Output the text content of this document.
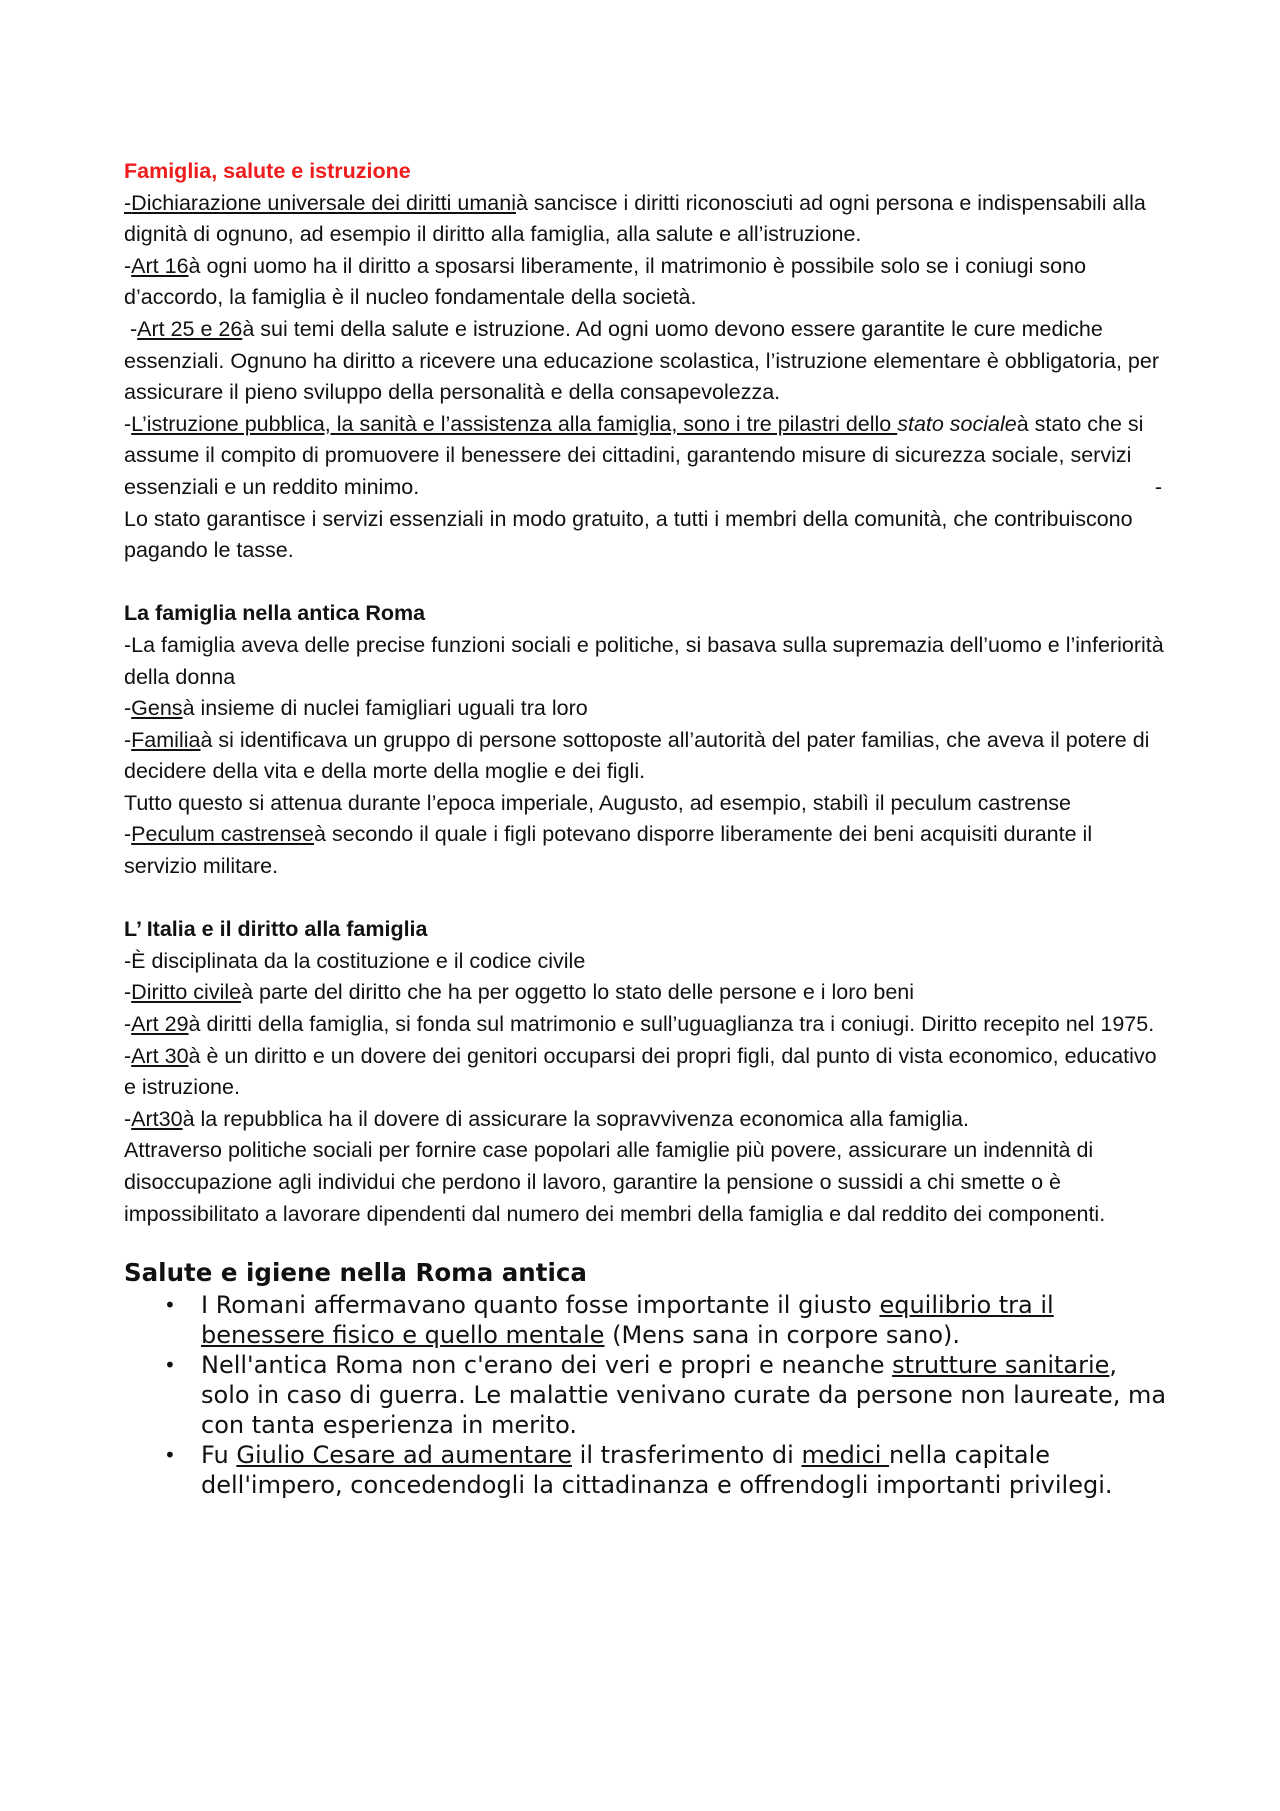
Famiglia, salute e istruzione

-Dichiarazione universale dei diritti umanià sancisce i diritti riconosciuti ad ogni persona e indispensabili alla dignità di ognuno, ad esempio il diritto alla famiglia, alla salute e all’istruzione.

-Art 16à ogni uomo ha il diritto a sposarsi liberamente, il matrimonio è possibile solo se i coniugi sono d’accordo, la famiglia è il nucleo fondamentale della società.

-Art 25 e 26à sui temi della salute e istruzione. Ad ogni uomo devono essere garantite le cure mediche essenziali. Ognuno ha diritto a ricevere una educazione scolastica, l’istruzione elementare è obbligatoria, per assicurare il pieno sviluppo della personalità e della consapevolezza.

-L’istruzione pubblica, la sanità e l’assistenza alla famiglia, sono i tre pilastri dello stato socialeà stato che si assume il compito di promuovere il benessere dei cittadini, garantendo misure di sicurezza sociale, servizi essenziali e un reddito minimo.	-

Lo stato garantisce i servizi essenziali in modo gratuito, a tutti i membri della comunità, che contribuiscono pagando le tasse.

La famiglia nella antica Roma

-La famiglia aveva delle precise funzioni sociali e politiche, si basava sulla supremazia dell’uomo e l’inferiorità della donna

-Gensà insieme di nuclei famigliari uguali tra loro

-Familiaà si identificava un gruppo di persone sottoposte all’autorità del pater familias, che aveva il potere di decidere della vita e della morte della moglie e dei figli.

Tutto questo si attenua durante l’epoca imperiale, Augusto, ad esempio, stabilì il peculum castrense

-Peculum castrenseà secondo il quale i figli potevano disporre liberamente dei beni acquisiti durante il servizio militare.

L’ Italia e il diritto alla famiglia

-È disciplinata da la costituzione e il codice civile

-Diritto civileà parte del diritto che ha per oggetto lo stato delle persone e i loro beni

-Art 29à diritti della famiglia, si fonda sul matrimonio e sull’uguaglianza tra i coniugi. Diritto recepito nel 1975.

-Art 30à è un diritto e un dovere dei genitori occuparsi dei propri figli, dal punto di vista economico, educativo e istruzione.

-Art30à la repubblica ha il dovere di assicurare la sopravvivenza economica alla famiglia.

Attraverso politiche sociali per fornire case popolari alle famiglie più povere, assicurare un indennità di disoccupazione agli individui che perdono il lavoro, garantire la pensione o sussidi a chi smette o è impossibilitato a lavorare dipendenti dal numero dei membri della famiglia e dal reddito dei componenti.

Salute e igiene nella Roma antica
• I Romani affermavano quanto fosse importante il giusto equilibrio tra il benessere fisico e quello mentale (Mens sana in corpore sano).
• Nell'antica Roma non c'erano dei veri e propri e neanche strutture sanitarie, solo in caso di guerra. Le malattie venivano curate da persone non laureate, ma con tanta esperienza in merito.
• Fu Giulio Cesare ad aumentare il trasferimento di medici nella capitale dell'impero, concedendogli la cittadinanza e offrendogli importanti privilegi.
